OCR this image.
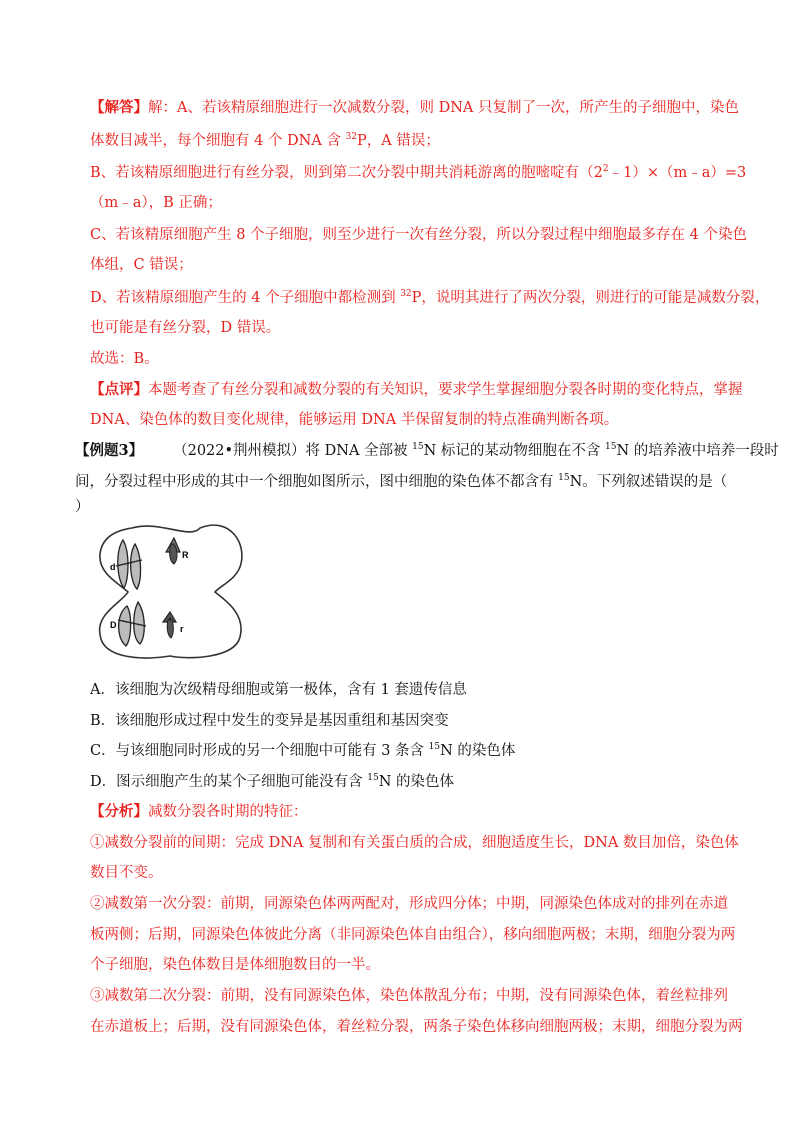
【解答】解：A、若该精原细胞进行一次减数分裂，则 DNA 只复制了一次，所产生的子细胞中，染色
体数目减半，每个细胞有 4 个 DNA 含 $^{32}$P，A 错误；
B、若该精原细胞进行有丝分裂，则到第二次分裂中期共消耗游离的胞嘧啶有$(2^2﹣1)\times(m﹣a)=3$
（m﹣a），B 正确；
C、若该精原细胞产生 8 个子细胞，则至少进行一次有丝分裂，所以分裂过程中细胞最多存在 4 个染色
体组，C 错误；
D、若该精原细胞产生的 4 个子细胞中都检测到 $^{32}$P，说明其进行了两次分裂，则进行的可能是减数分裂，
也可能是有丝分裂，D 错误。
故选：B。
【点评】本题考查了有丝分裂和减数分裂的有关知识，要求学生掌握细胞分裂各时期的变化特点，掌握
DNA、染色体的数目变化规律，能够运用 DNA 半保留复制的特点准确判断各项。
【例题3】 （2022•荆州模拟）将 DNA 全部被 $^{15}$N 标记的某动物细胞在不含 $^{15}$N 的培养液中培养一段时
间，分裂过程中形成的其中一个细胞如图所示，图中细胞的染色体不都含有 $^{15}$N。下列叙述错误的是（
）
d
R
D	r
A．该细胞为次级精母细胞或第一极体，含有 1 套遗传信息
B．该细胞形成过程中发生的变异是基因重组和基因突变
C．与该细胞同时形成的另一个细胞中可能有 3 条含 $^{15}$N 的染色体
D．图示细胞产生的某个子细胞可能没有含 $^{15}$N 的染色体
【分析】减数分裂各时期的特征：
①减数分裂前的间期：完成 DNA 复制和有关蛋白质的合成，细胞适度生长，DNA 数目加倍，染色体
数目不变。
②减数第一次分裂：前期，同源染色体两两配对，形成四分体；中期，同源染色体成对的排列在赤道
板两侧；后期，同源染色体彼此分离（非同源染色体自由组合），移向细胞两极；末期，细胞分裂为两
个子细胞，染色体数目是体细胞数目的一半。
③减数第二次分裂：前期，没有同源染色体，染色体散乱分布；中期，没有同源染色体，着丝粒排列
在赤道板上；后期，没有同源染色体，着丝粒分裂，两条子染色体移向细胞两极；末期，细胞分裂为两
